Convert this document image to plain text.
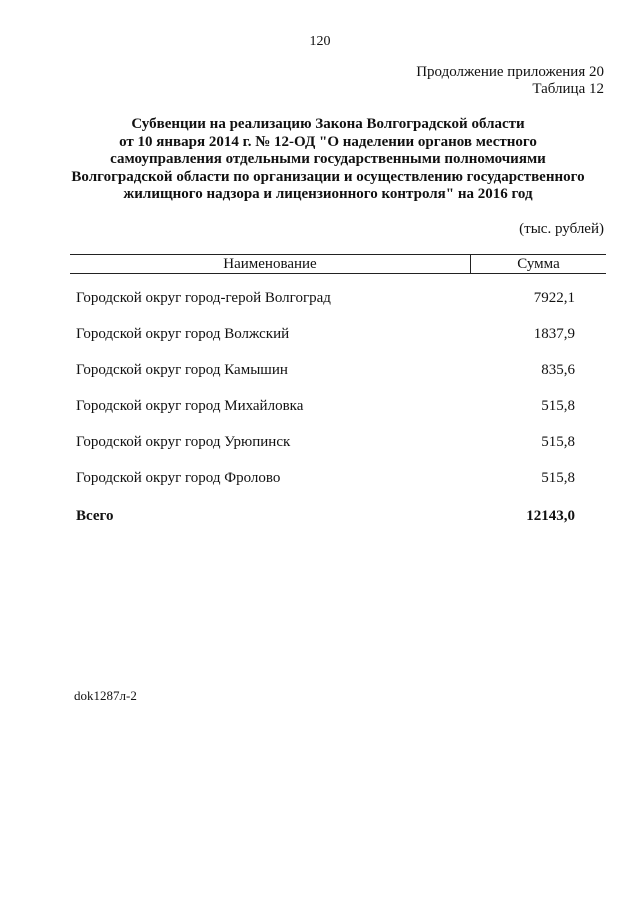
120
Продолжение приложения 20
Таблица 12
Субвенции на реализацию Закона Волгоградской области
от 10 января 2014 г. № 12-ОД "О наделении органов местного
самоуправления отдельными государственными полномочиями
Волгоградской области по организации и осуществлению государственного
жилищного надзора и лицензионного контроля" на 2016 год
(тыс. рублей)
Наименование	Сумма
Городской округ город-герой Волгоград	7922,1
Городской округ город Волжский	1837,9
Городской округ город Камышин	835,6
Городской округ город Михайловка	515,8
Городской округ город Урюпинск	515,8
Городской округ город Фролово	515,8
Всего	12143,0
dok1287л-2
